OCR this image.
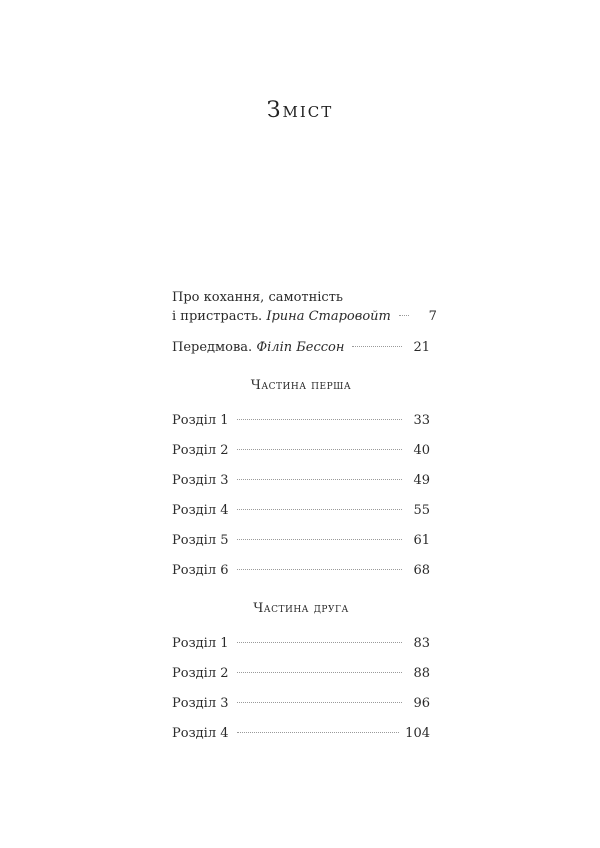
Зміст
Про кохання, самотність
і пристрасть.
Ірина Старовойт	7
Передмова.
Філіп Бессон	21
Частина перша
Розділ 1	33
Розділ 2	40
Розділ 3	49
Розділ 4	55
Розділ 5	61
Розділ 6	68
Частина друга
Розділ 1	83
Розділ 2	88
Розділ 3	96
Розділ 4	104
